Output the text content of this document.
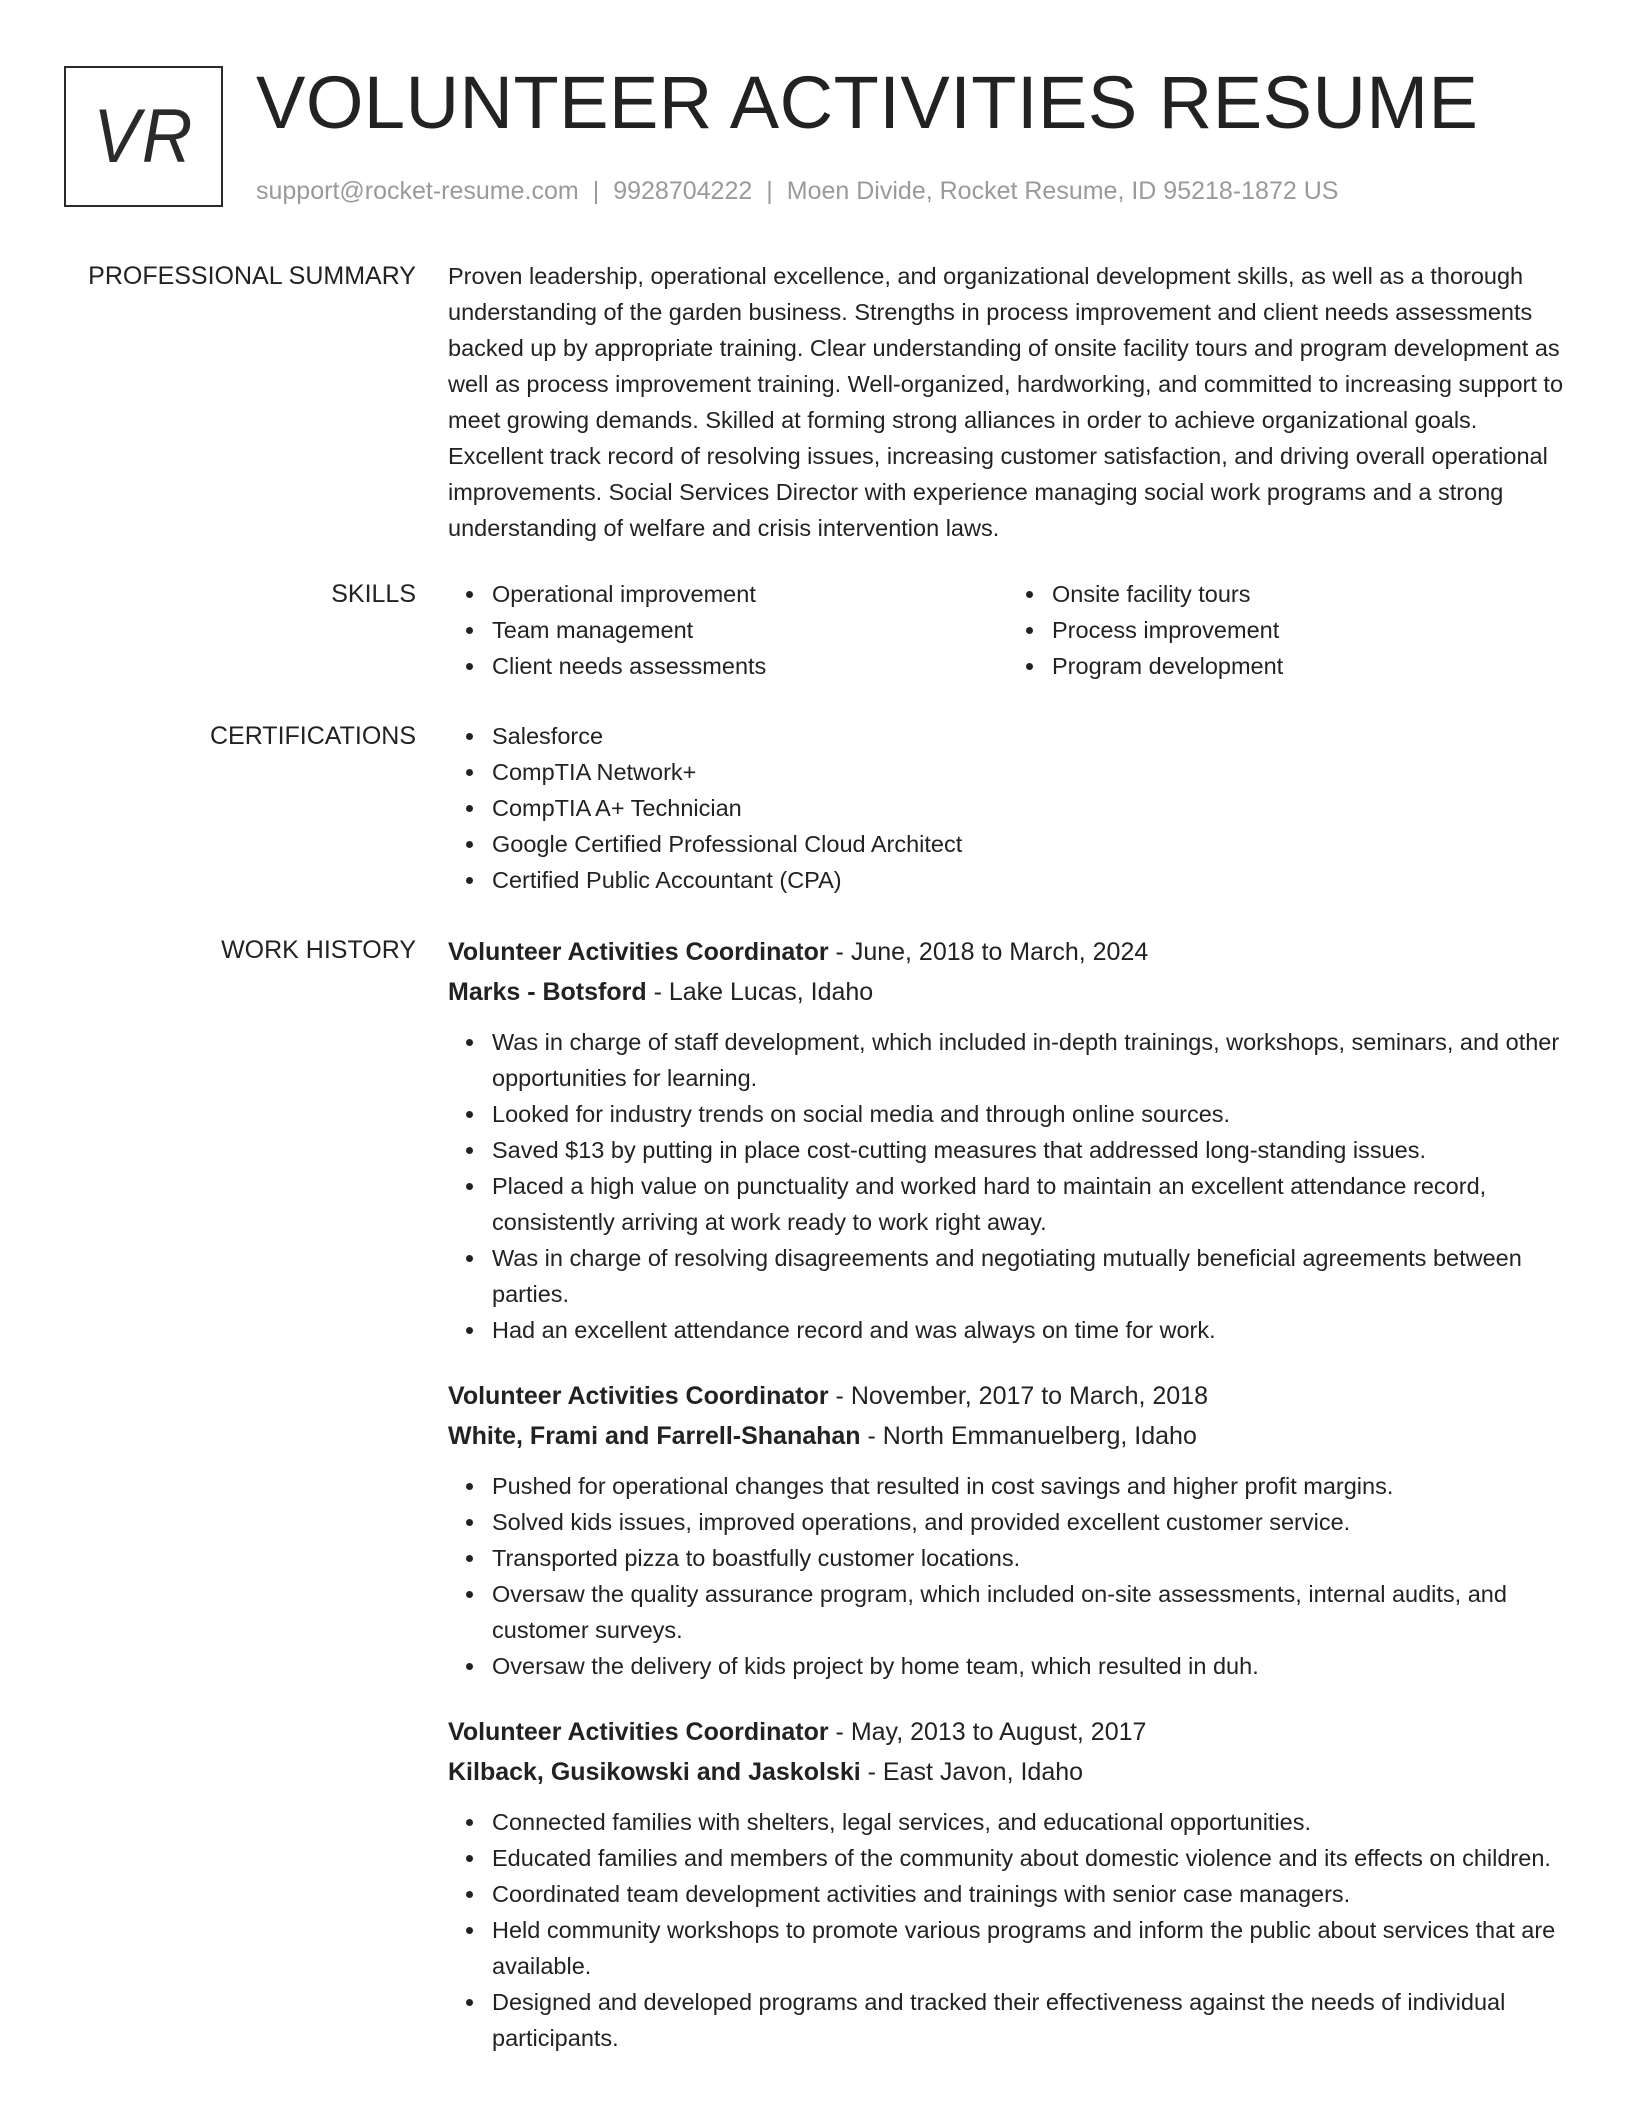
VR VOLUNTEER ACTIVITIES RESUME
support@rocket-resume.com | 9928704222 | Moen Divide, Rocket Resume, ID 95218-1872 US
PROFESSIONAL SUMMARY Proven leadership, operational excellence, and organizational development skills, as well as a thorough understanding of the garden business. Strengths in process improvement and client needs assessments backed up by appropriate training. Clear understanding of onsite facility tours and program development as well as process improvement training. Well-organized, hardworking, and committed to increasing support to meet growing demands. Skilled at forming strong alliances in order to achieve organizational goals. Excellent track record of resolving issues, increasing customer satisfaction, and driving overall operational improvements. Social Services Director with experience managing social work programs and a strong understanding of welfare and crisis intervention laws.

SKILLS	Operational improvement
Team management
Client needs assessments
Onsite facility tours
Process improvement
Program development
CERTIFICATIONS	Salesforce
CompTIA Network+
CompTIA A+ Technician
Google Certified Professional Cloud Architect
Certified Public Accountant (CPA)
WORK HISTORY Volunteer Activities Coordinator - June, 2018 to March, 2024
Marks - Botsford - Lake Lucas, Idaho
Was in charge of staff development, which included in-depth trainings, workshops, seminars, and other opportunities for learning.
Looked for industry trends on social media and through online sources.
Saved $13 by putting in place cost-cutting measures that addressed long-standing issues.
Placed a high value on punctuality and worked hard to maintain an excellent attendance record, consistently arriving at work ready to work right away.
Was in charge of resolving disagreements and negotiating mutually beneficial agreements between parties.
Had an excellent attendance record and was always on time for work.
Volunteer Activities Coordinator - November, 2017 to March, 2018
White, Frami and Farrell-Shanahan - North Emmanuelberg, Idaho
Pushed for operational changes that resulted in cost savings and higher profit margins.
Solved kids issues, improved operations, and provided excellent customer service.
Transported pizza to boastfully customer locations.
Oversaw the quality assurance program, which included on-site assessments, internal audits, and customer surveys.
Oversaw the delivery of kids project by home team, which resulted in duh.
Volunteer Activities Coordinator - May, 2013 to August, 2017
Kilback, Gusikowski and Jaskolski - East Javon, Idaho
Connected families with shelters, legal services, and educational opportunities.
Educated families and members of the community about domestic violence and its effects on children.
Coordinated team development activities and trainings with senior case managers.
Held community workshops to promote various programs and inform the public about services that are available.
Designed and developed programs and tracked their effectiveness against the needs of individual participants.
